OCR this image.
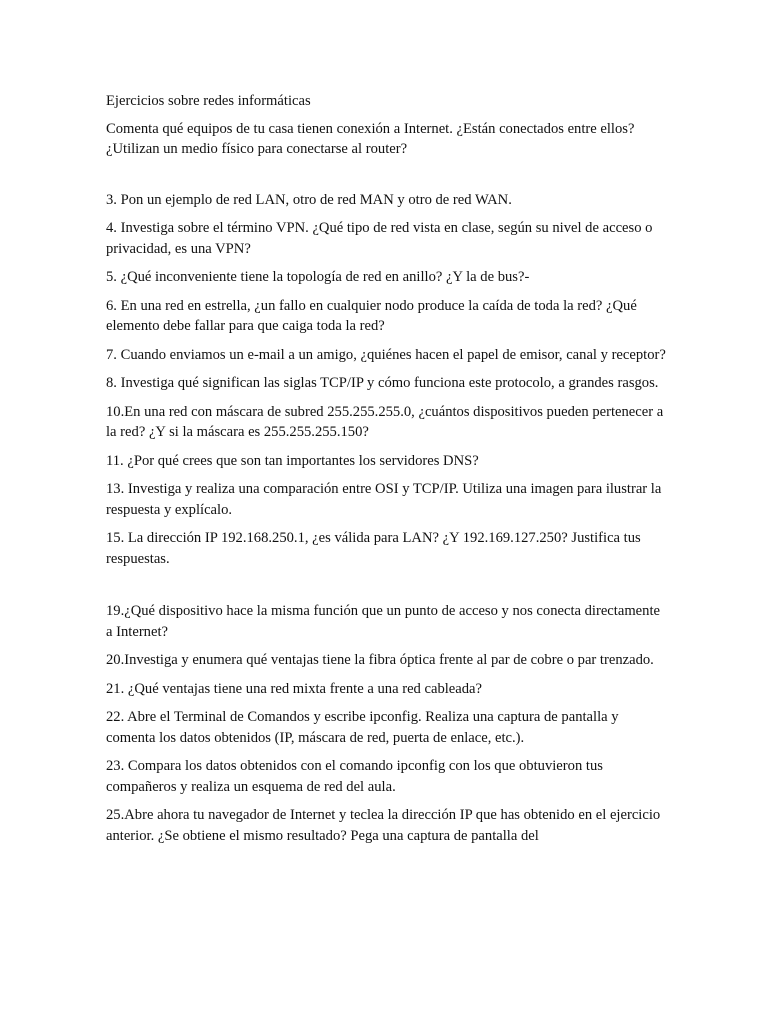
Ejercicios sobre redes informáticas

Comenta qué equipos de tu casa tienen conexión a Internet. ¿Están conectados entre ellos? ¿Utilizan un medio físico para conectarse al router?

3. Pon un ejemplo de red LAN, otro de red MAN y otro de red WAN.

4. Investiga sobre el término VPN. ¿Qué tipo de red vista en clase, según su nivel de acceso o privacidad, es una VPN?

5. ¿Qué inconveniente tiene la topología de red en anillo? ¿Y la de bus?-

6. En una red en estrella, ¿un fallo en cualquier nodo produce la caída de toda la red? ¿Qué elemento debe fallar para que caiga toda la red?

7. Cuando enviamos un e-mail a un amigo, ¿quiénes hacen el papel de emisor, canal y receptor?

8. Investiga qué significan las siglas TCP/IP y cómo funciona este protocolo, a grandes rasgos.

10.En una red con máscara de subred 255.255.255.0, ¿cuántos dispositivos pueden pertenecer a la red? ¿Y si la máscara es 255.255.255.150?

11. ¿Por qué crees que son tan importantes los servidores DNS?

13. Investiga y realiza una comparación entre OSI y TCP/IP. Utiliza una imagen para ilustrar la respuesta y explícalo.

15. La dirección IP 192.168.250.1, ¿es válida para LAN? ¿Y 192.169.127.250? Justifica tus respuestas.

19.¿Qué dispositivo hace la misma función que un punto de acceso y nos conecta directamente a Internet?

20.Investiga y enumera qué ventajas tiene la fibra óptica frente al par de cobre o par trenzado.

21. ¿Qué ventajas tiene una red mixta frente a una red cableada?

22. Abre el Terminal de Comandos y escribe ipconfig. Realiza una captura de pantalla y comenta los datos obtenidos (IP, máscara de red, puerta de enlace, etc.).

23. Compara los datos obtenidos con el comando ipconfig con los que obtuvieron tus compañeros y realiza un esquema de red del aula.

25.Abre ahora tu navegador de Internet y teclea la dirección IP que has obtenido en el ejercicio anterior. ¿Se obtiene el mismo resultado? Pega una captura de pantalla del
